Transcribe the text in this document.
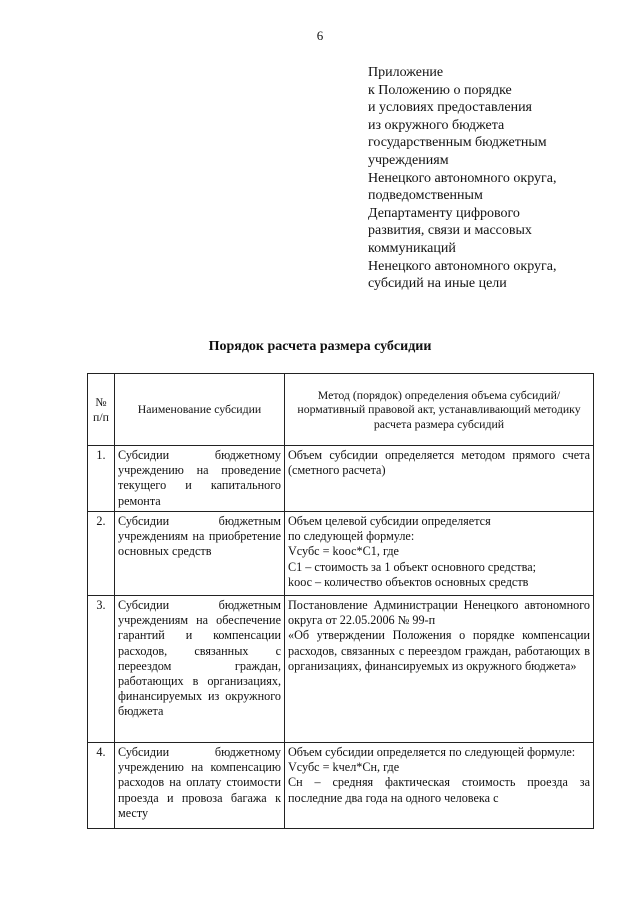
6
Приложение
к Положению о порядке
и условиях предоставления
из окружного бюджета
государственным бюджетным
учреждениям
Ненецкого автономного округа,
подведомственным
Департаменту цифрового
развития, связи и массовых
коммуникаций
Ненецкого автономного округа,
субсидий на иные цели
Порядок расчета размера субсидии
№ п/п	Наименование субсидии	Метод (порядок) определения объема субсидий/нормативный правовой акт, устанавливающий методику расчета размера субсидий
1.	Субсидии бюджетному учреждению на проведение текущего и капитального ремонта	Объем субсидии определяется методом прямого счета (сметного расчета)

2.	Субсидии бюджетным учреждениям на приобретение основных средств	Объем целевой субсидии определяется
по следующей формуле:
Vсубс = kоос*C1, где
C1 – стоимость за 1 объект основного средства;
kоос – количество объектов основных средств

3.	Субсидии бюджетным учреждениям на обеспечение гарантий и компенсации расходов, связанных с переездом граждан, работающих в организациях, финансируемых из окружного бюджета	Постановление Администрации Ненецкого автономного округа от 22.05.2006 № 99-п
«Об утверждении Положения о порядке компенсации расходов, связанных с переездом граждан, работающих в организациях, финансируемых из окружного бюджета»

4.	Субсидии бюджетному учреждению на компенсацию расходов на оплату стоимости проезда и провоза багажа к месту	Объем субсидии определяется по следующей формуле:
Vсубс = kчел*Cн, где
Cн – средняя фактическая стоимость проезда за последние два года на одного человека с
